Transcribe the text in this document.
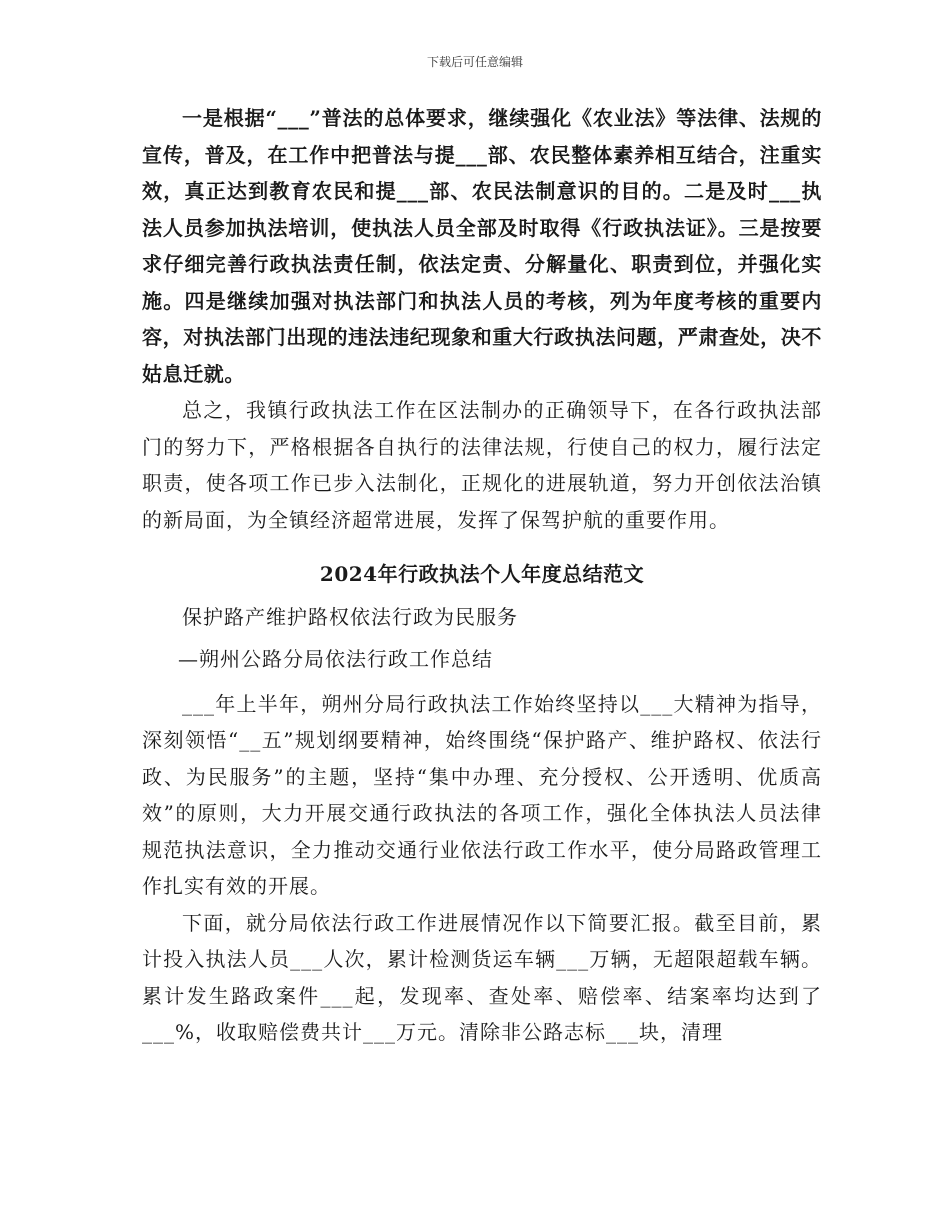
下载后可任意编辑

一是根据“___”普法的总体要求，继续强化《农业法》等法律、法规的宣传，普及，在工作中把普法与提___部、农民整体素养相互结合，注重实效，真正达到教育农民和提___部、农民法制意识的目的。二是及时___执法人员参加执法培训，使执法人员全部及时取得《行政执法证》。三是按要求仔细完善行政执法责任制，依法定责、分解量化、职责到位，并强化实施。四是继续加强对执法部门和执法人员的考核，列为年度考核的重要内容，对执法部门出现的违法违纪现象和重大行政执法问题，严肃查处，决不姑息迁就。

总之，我镇行政执法工作在区法制办的正确领导下，在各行政执法部门的努力下，严格根据各自执行的法律法规，行使自己的权力，履行法定职责，使各项工作已步入法制化，正规化的进展轨道，努力开创依法治镇的新局面，为全镇经济超常进展，发挥了保驾护航的重要作用。

2024年行政执法个人年度总结范文
保护路产维护路权依法行政为民服务
—朔州公路分局依法行政工作总结

___年上半年，朔州分局行政执法工作始终坚持以___大精神为指导，深刻领悟“__五”规划纲要精神，始终围绕“保护路产、维护路权、依法行政、为民服务”的主题，坚持“集中办理、充分授权、公开透明、优质高效”的原则，大力开展交通行政执法的各项工作，强化全体执法人员法律规范执法意识，全力推动交通行业依法行政工作水平，使分局路政管理工作扎实有效的开展。

下面，就分局依法行政工作进展情况作以下简要汇报。截至目前，累计投入执法人员___人次，累计检测货运车辆___万辆，无超限超载车辆。累计发生路政案件___起，发现率、查处率、赔偿率、结案率均达到了___%，收取赔偿费共计___万元。清除非公路志标___块，清理
